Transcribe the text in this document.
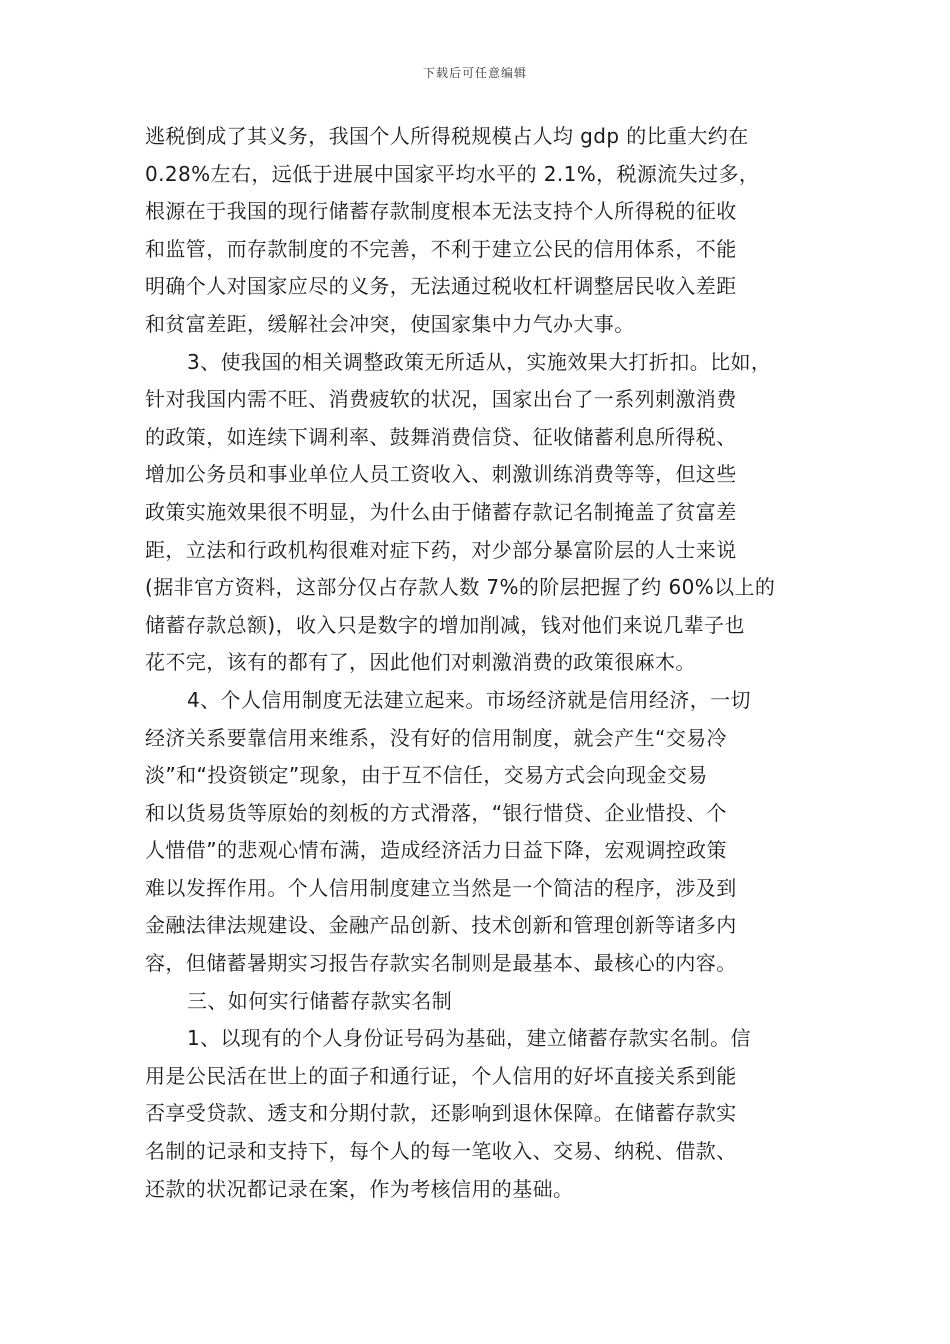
下载后可任意编辑
逃税倒成了其义务，我国个人所得税规模占人均 gdp 的比重大约在
0.28%左右，远低于进展中国家平均水平的 2.1%，税源流失过多，
根源在于我国的现行储蓄存款制度根本无法支持个人所得税的征收
和监管，而存款制度的不完善，不利于建立公民的信用体系，不能
明确个人对国家应尽的义务，无法通过税收杠杆调整居民收入差距
和贫富差距，缓解社会冲突，使国家集中力气办大事。
3、使我国的相关调整政策无所适从，实施效果大打折扣。比如，
针对我国内需不旺、消费疲软的状况，国家出台了一系列刺激消费
的政策，如连续下调利率、鼓舞消费信贷、征收储蓄利息所得税、
增加公务员和事业单位人员工资收入、刺激训练消费等等，但这些
政策实施效果很不明显，为什么由于储蓄存款记名制掩盖了贫富差
距，立法和行政机构很难对症下药，对少部分暴富阶层的人士来说
(据非官方资料，这部分仅占存款人数 7%的阶层把握了约 60%以上的
储蓄存款总额)，收入只是数字的增加削减，钱对他们来说几辈子也
花不完，该有的都有了，因此他们对刺激消费的政策很麻木。
4、个人信用制度无法建立起来。市场经济就是信用经济，一切
经济关系要靠信用来维系，没有好的信用制度，就会产生“交易冷
淡”和“投资锁定”现象，由于互不信任，交易方式会向现金交易
和以货易货等原始的刻板的方式滑落，“银行惜贷、企业惜投、个
人惜借”的悲观心情布满，造成经济活力日益下降，宏观调控政策
难以发挥作用。个人信用制度建立当然是一个简洁的程序，涉及到
金融法律法规建设、金融产品创新、技术创新和管理创新等诸多内
容，但储蓄暑期实习报告存款实名制则是最基本、最核心的内容。
三、如何实行储蓄存款实名制
1、以现有的个人身份证号码为基础，建立储蓄存款实名制。信
用是公民活在世上的面子和通行证，个人信用的好坏直接关系到能
否享受贷款、透支和分期付款，还影响到退休保障。在储蓄存款实
名制的记录和支持下，每个人的每一笔收入、交易、纳税、借款、
还款的状况都记录在案，作为考核信用的基础。
